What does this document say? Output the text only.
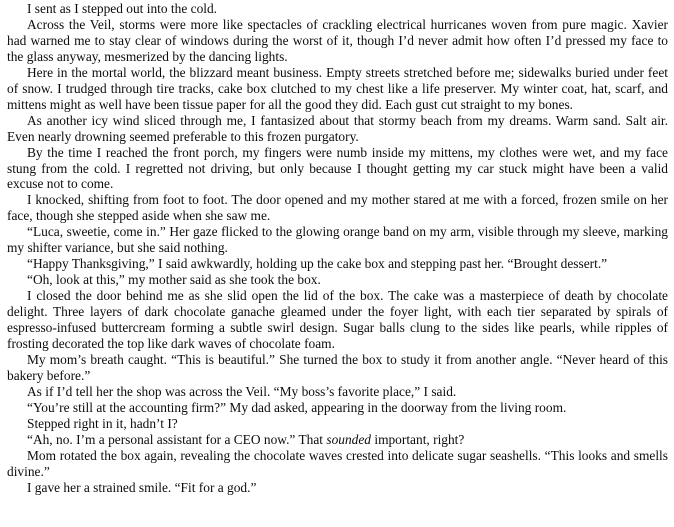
I sent as I stepped out into the cold.

Across the Veil, storms were more like spectacles of crackling electrical hurricanes woven from pure magic. Xavier had warned me to stay clear of windows during the worst of it, though I’d never admit how often I’d pressed my face to the glass anyway, mesmerized by the dancing lights.

Here in the mortal world, the blizzard meant business. Empty streets stretched before me; sidewalks buried under feet of snow. I trudged through tire tracks, cake box clutched to my chest like a life preserver. My winter coat, hat, scarf, and mittens might as well have been tissue paper for all the good they did. Each gust cut straight to my bones.

As another icy wind sliced through me, I fantasized about that stormy beach from my dreams. Warm sand. Salt air. Even nearly drowning seemed preferable to this frozen purgatory.

By the time I reached the front porch, my fingers were numb inside my mittens, my clothes were wet, and my face stung from the cold. I regretted not driving, but only because I thought getting my car stuck might have been a valid excuse not to come.

I knocked, shifting from foot to foot. The door opened and my mother stared at me with a forced, frozen smile on her face, though she stepped aside when she saw me.

“Luca, sweetie, come in.” Her gaze flicked to the glowing orange band on my arm, visible through my sleeve, marking my shifter variance, but she said nothing.

“Happy Thanksgiving,” I said awkwardly, holding up the cake box and stepping past her. “Brought dessert.”

“Oh, look at this,” my mother said as she took the box.

I closed the door behind me as she slid open the lid of the box. The cake was a masterpiece of death by chocolate delight. Three layers of dark chocolate ganache gleamed under the foyer light, with each tier separated by spirals of espresso-infused buttercream forming a subtle swirl design. Sugar balls clung to the sides like pearls, while ripples of frosting decorated the top like dark waves of chocolate foam.

My mom’s breath caught. “This is beautiful.” She turned the box to study it from another angle. “Never heard of this bakery before.”

As if I’d tell her the shop was across the Veil. “My boss’s favorite place,” I said.

“You’re still at the accounting firm?” My dad asked, appearing in the doorway from the living room.

Stepped right in it, hadn’t I?

“Ah, no. I’m a personal assistant for a CEO now.” That sounded important, right?

Mom rotated the box again, revealing the chocolate waves crested into delicate sugar seashells. “This looks and smells divine.”

I gave her a strained smile. “Fit for a god.”
